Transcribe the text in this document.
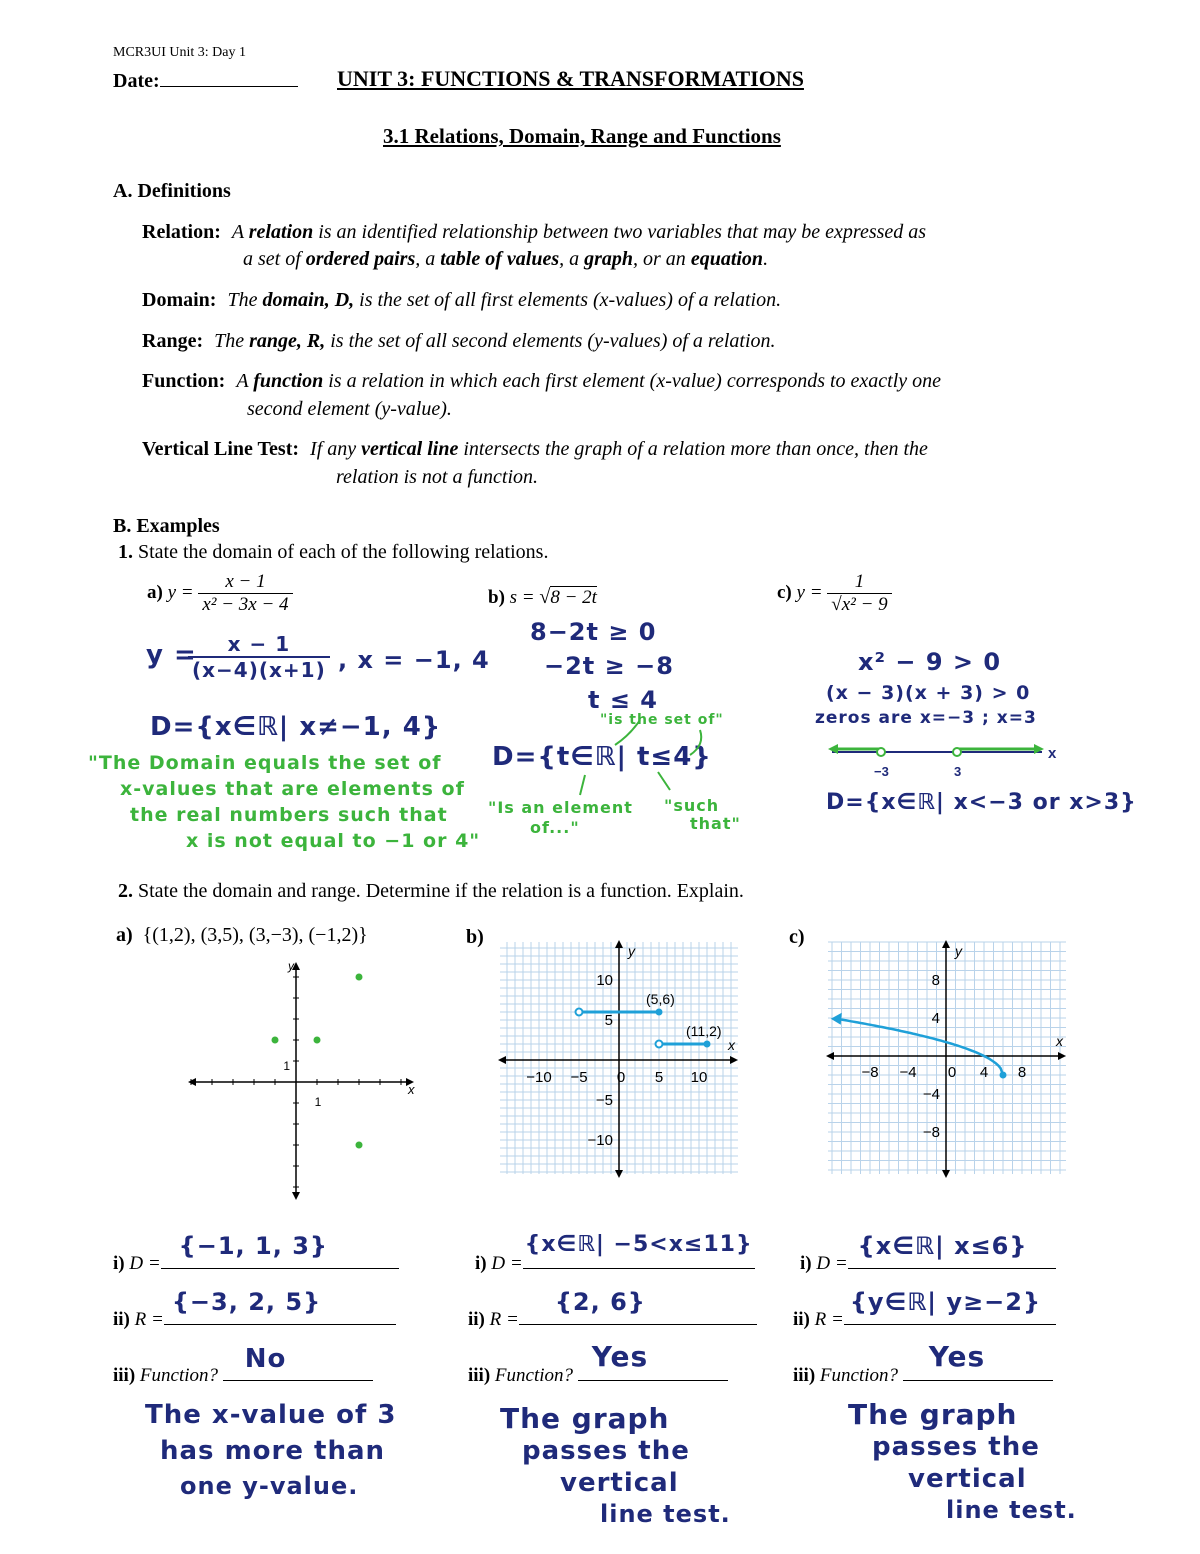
MCR3UI Unit 3: Day 1
Date:	UNIT 3: FUNCTIONS & TRANSFORMATIONS
3.1 Relations, Domain, Range and Functions
A. Definitions
Relation: A relation is an identified relationship between two variables that may be expressed as
a set of ordered pairs, a table of values, a graph, or an equation.
Domain: The domain, D, is the set of all first elements (x-values) of a relation.
Range: The range, R, is the set of all second elements (y-values) of a relation.
Function: A function is a relation in which each first element (x-value) corresponds to exactly one
second element (y-value).
Vertical Line Test: If any vertical line intersects the graph of a relation more than once, then the
relation is not a function.
B. Examples
1. State the domain of each of the following relations.
a) $y = \frac{x - 1}{\text{x² − 3x − 4}}$
y =
$\frac{x - 1}{(x-4)(x+1)}$ , x = −1, 4
D={x∈ℝ| x≠−1, 4}
"The Domain equals the set of
x-values that are elements of
the real numbers such that
x is not equal to −1 or 4"
b) s = √8 − 2t
8−2t ≥ 0
−2t ≥ −8
t ≤ 4
"is the set of"
D={t∈ℝ| t≤4}
"Is an element
of..."
"such
that"
c) $y = \frac{1}{\text{√x² − 9}}$
x² − 9 > 0
(x − 3)(x + 3) > 0
zeros are x=−3 ; x=3
x
−3	3
D={x∈ℝ| x<−3 or x>3}
2. State the domain and range. Determine if the relation is a function. Explain.
a) {(1,2), (3,5), (3,−3), (−1,2)}	b)	c)
y
x
1
1
y
x
−10 −5 0 5 10
10
5
−5
−10
(5,6)
(11,2)
y
x
−8 −4 0 4 8
8
4
−4
−8
i) D =
{−1, 1, 3}
i) D =
{x∈ℝ| −5<x≤11}
i) D =
{x∈ℝ| x≤6}
ii) R =
{−3, 2, 5}
ii) R =
{2, 6}
ii) R =
{y∈ℝ| y≥−2}
iii) Function?
No
iii) Function?
Yes
iii) Function?
Yes
The x-value of 3
has more than
one y-value.
The graph
passes the
vertical
line test.
The graph
passes the
vertical
line test.
